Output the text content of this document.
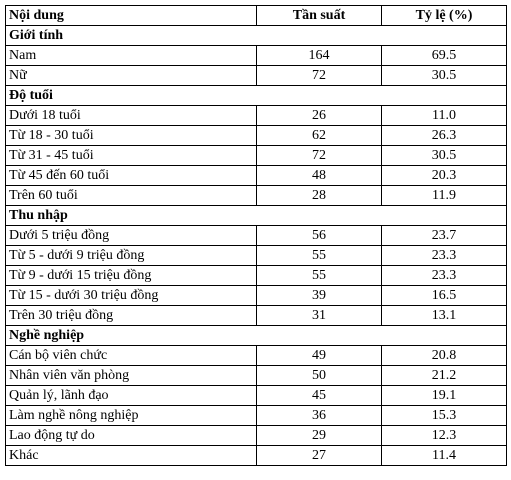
Nội dung	Tần suất	Tỷ lệ (%)
Giới tính		
Nam	164	69.5
Nữ	72	30.5
Độ tuổi		
Dưới 18 tuổi	26	11.0
Từ 18 - 30 tuổi	62	26.3
Từ 31 - 45 tuổi	72	30.5
Từ 45 đến 60 tuổi	48	20.3
Trên 60 tuổi	28	11.9
Thu nhập		
Dưới 5 triệu đồng	56	23.7
Từ 5 - dưới 9 triệu đồng	55	23.3
Từ 9 - dưới 15 triệu đồng	55	23.3
Từ 15 - dưới 30 triệu đồng	39	16.5
Trên 30 triệu đồng	31	13.1
Nghề nghiệp		
Cán bộ viên chức	49	20.8
Nhân viên văn phòng	50	21.2
Quản lý, lãnh đạo	45	19.1
Làm nghề nông nghiệp	36	15.3
Lao động tự do	29	12.3
Khác	27	11.4
